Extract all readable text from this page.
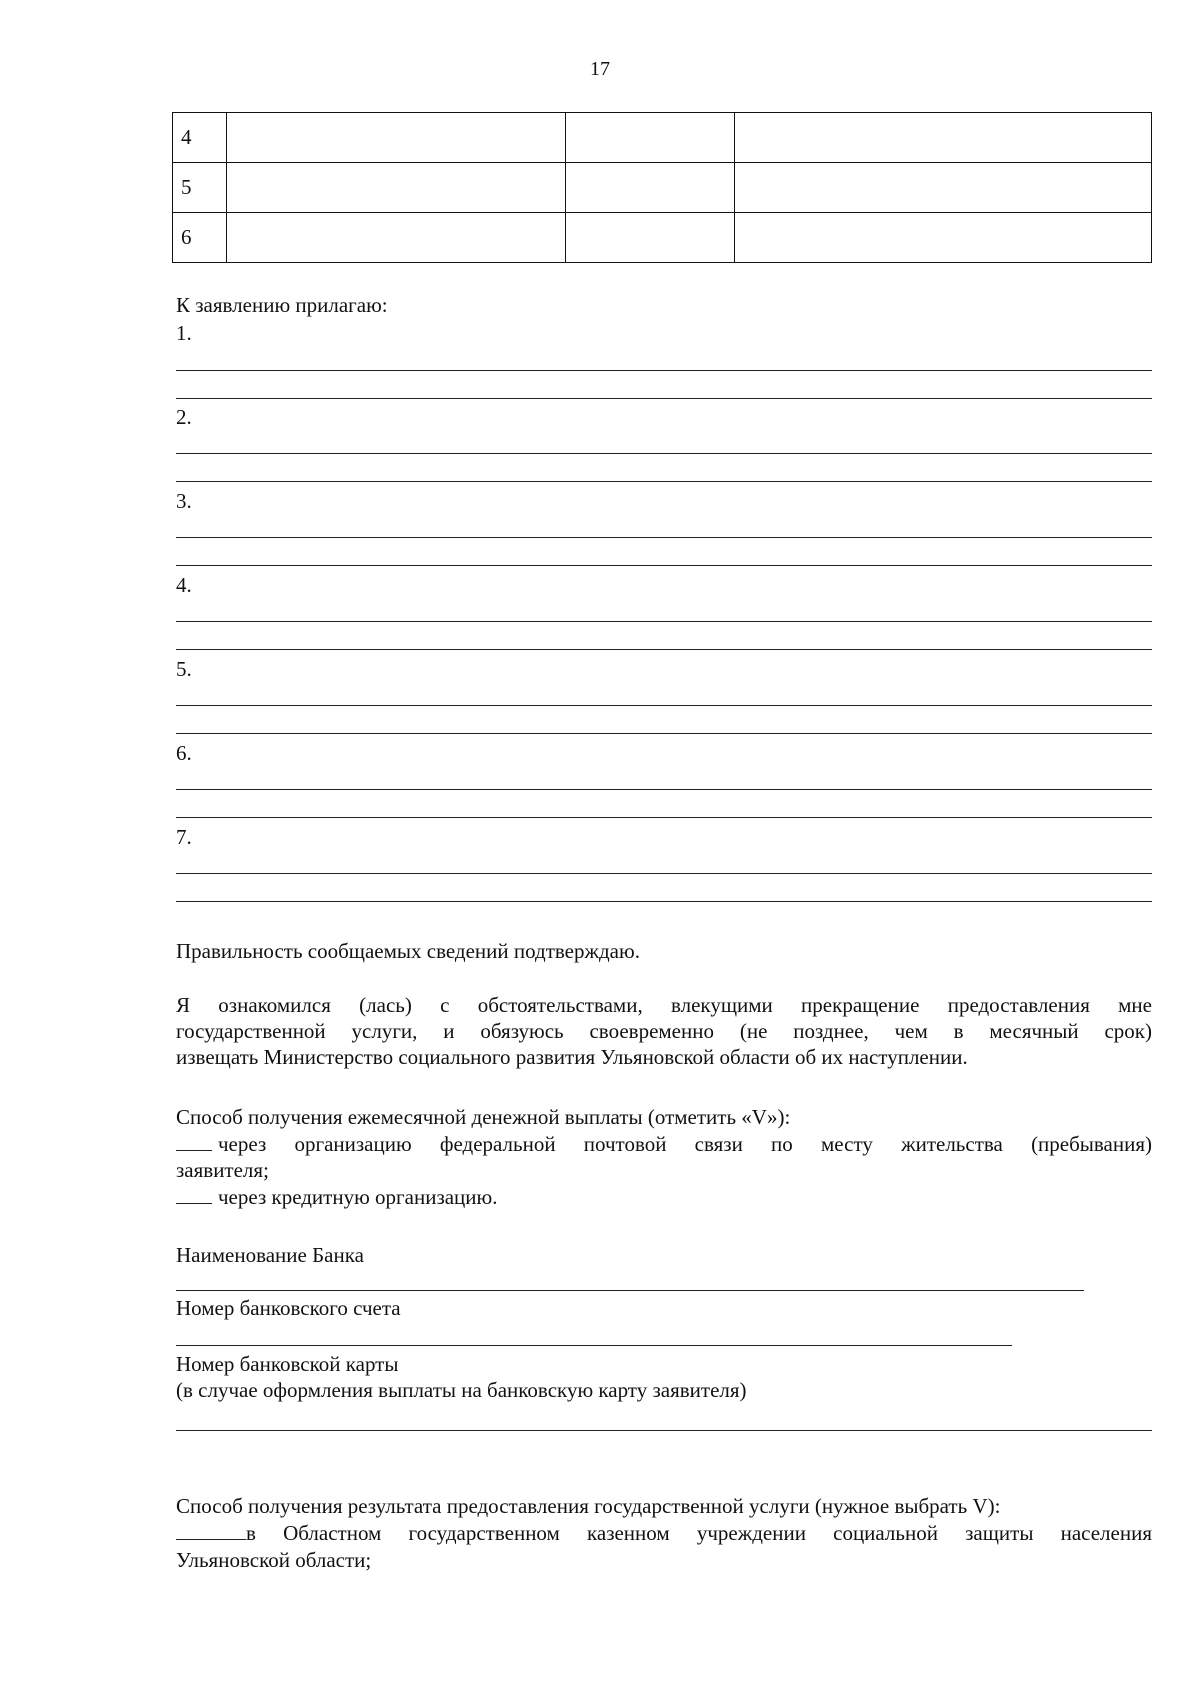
17
4			
5			
6			
К заявлению прилагаю:
1.
2.
3.
4.
5.
6.
7.
Правильность сообщаемых сведений подтверждаю.
Я ознакомился (лась) с обстоятельствами, влекущими прекращение предоставления мне
государственной услуги, и обязуюсь своевременно (не позднее, чем в месячный срок)
извещать Министерство социального развития Ульяновской области об их наступлении.
Способ получения ежемесячной денежной выплаты (отметить «V»):
через организацию федеральной почтовой связи по месту жительства (пребывания)
заявителя;
через кредитную организацию.
Наименование Банка
Номер банковского счета
Номер банковской карты
(в случае оформления выплаты на банковскую карту заявителя)
Способ получения результата предоставления государственной услуги (нужное выбрать V):
в Областном государственном казенном учреждении социальной защиты населения
Ульяновской области;
